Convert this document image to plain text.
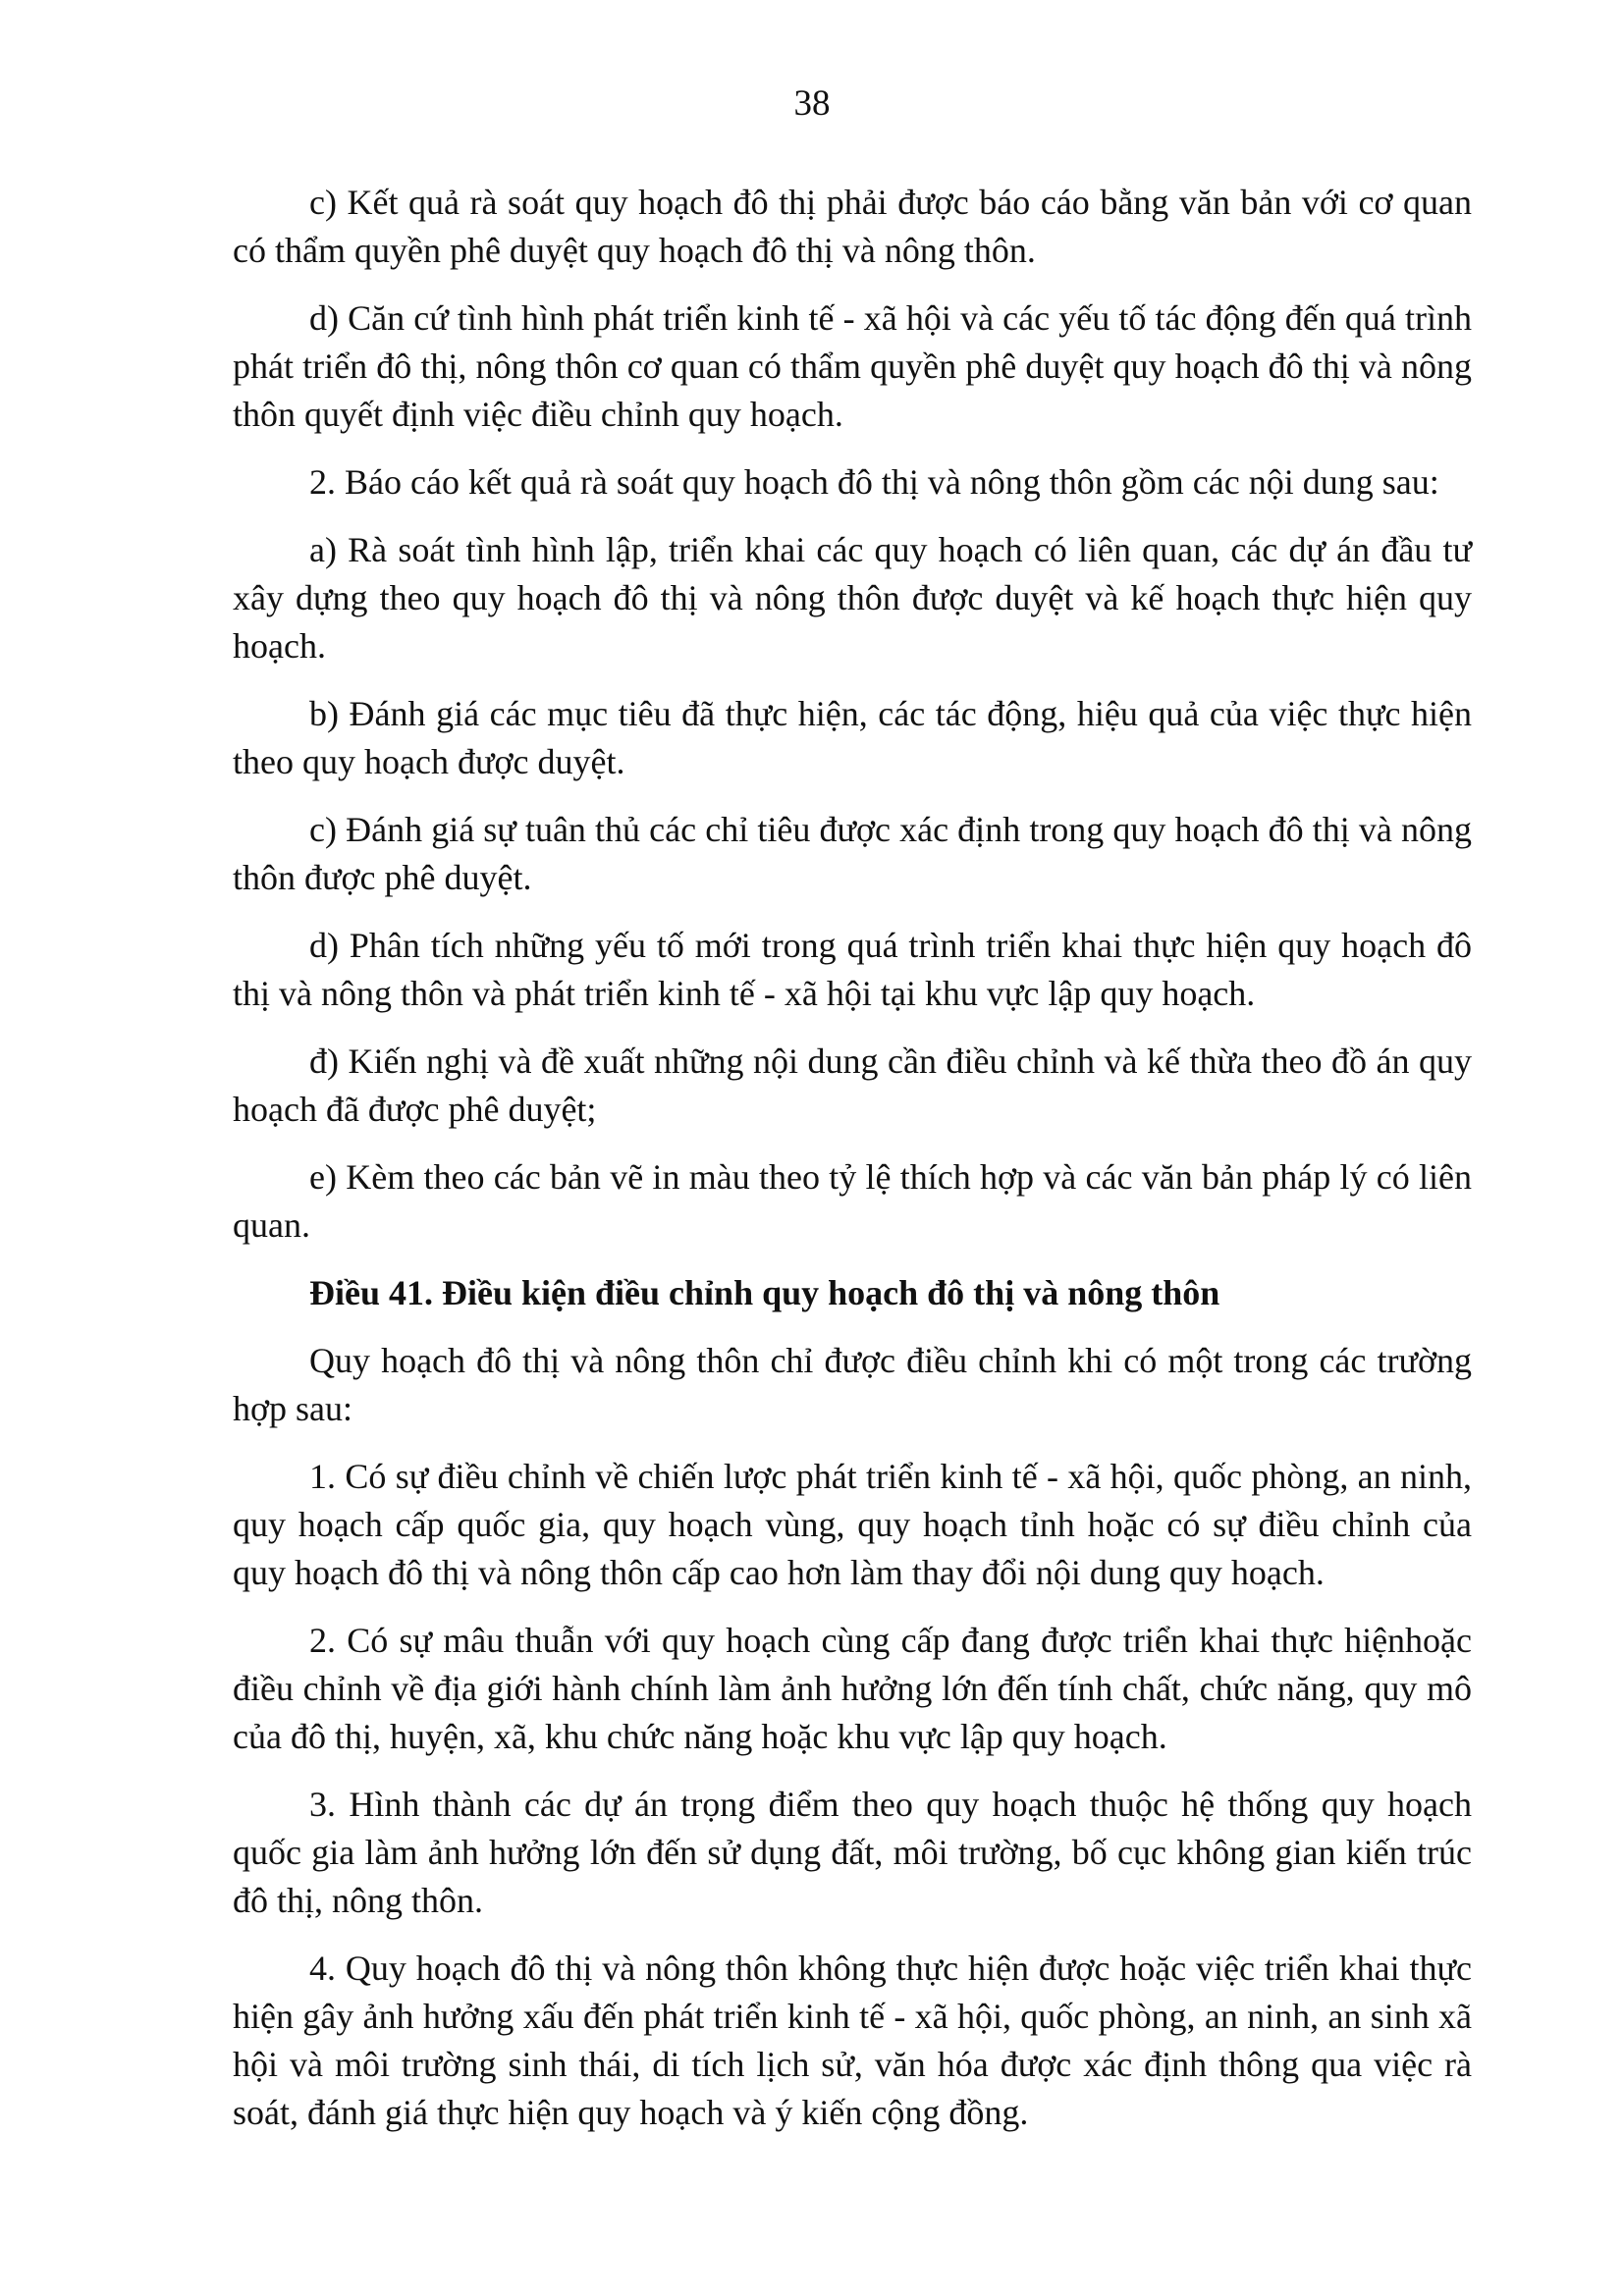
38

c) Kết quả rà soát quy hoạch đô thị phải được báo cáo bằng văn bản với cơ quan có thẩm quyền phê duyệt quy hoạch đô thị và nông thôn.

d) Căn cứ tình hình phát triển kinh tế - xã hội và các yếu tố tác động đến quá trình phát triển đô thị, nông thôn cơ quan có thẩm quyền phê duyệt quy hoạch đô thị và nông thôn quyết định việc điều chỉnh quy hoạch.

2. Báo cáo kết quả rà soát quy hoạch đô thị và nông thôn gồm các nội dung sau:

a) Rà soát tình hình lập, triển khai các quy hoạch có liên quan, các dự án đầu tư xây dựng theo quy hoạch đô thị và nông thôn được duyệt và kế hoạch thực hiện quy hoạch.

b) Đánh giá các mục tiêu đã thực hiện, các tác động, hiệu quả của việc thực hiện theo quy hoạch được duyệt.

c) Đánh giá sự tuân thủ các chỉ tiêu được xác định trong quy hoạch đô thị và nông thôn được phê duyệt.

d) Phân tích những yếu tố mới trong quá trình triển khai thực hiện quy hoạch đô thị và nông thôn và phát triển kinh tế - xã hội tại khu vực lập quy hoạch.

đ) Kiến nghị và đề xuất những nội dung cần điều chỉnh và kế thừa theo đồ án quy hoạch đã được phê duyệt;

e) Kèm theo các bản vẽ in màu theo tỷ lệ thích hợp và các văn bản pháp lý có liên quan.

Điều 41. Điều kiện điều chỉnh quy hoạch đô thị và nông thôn

Quy hoạch đô thị và nông thôn chỉ được điều chỉnh khi có một trong các trường hợp sau:

1. Có sự điều chỉnh về chiến lược phát triển kinh tế - xã hội, quốc phòng, an ninh, quy hoạch cấp quốc gia, quy hoạch vùng, quy hoạch tỉnh hoặc có sự điều chỉnh của quy hoạch đô thị và nông thôn cấp cao hơn làm thay đổi nội dung quy hoạch.

2. Có sự mâu thuẫn với quy hoạch cùng cấp đang được triển khai thực hiệnhoặc điều chỉnh về địa giới hành chính làm ảnh hưởng lớn đến tính chất, chức năng, quy mô của đô thị, huyện, xã, khu chức năng hoặc khu vực lập quy hoạch.

3. Hình thành các dự án trọng điểm theo quy hoạch thuộc hệ thống quy hoạch quốc gia làm ảnh hưởng lớn đến sử dụng đất, môi trường, bố cục không gian kiến trúc đô thị, nông thôn.

4. Quy hoạch đô thị và nông thôn không thực hiện được hoặc việc triển khai thực hiện gây ảnh hưởng xấu đến phát triển kinh tế - xã hội, quốc phòng, an ninh, an sinh xã hội và môi trường sinh thái, di tích lịch sử, văn hóa được xác định thông qua việc rà soát, đánh giá thực hiện quy hoạch và ý kiến cộng đồng.
